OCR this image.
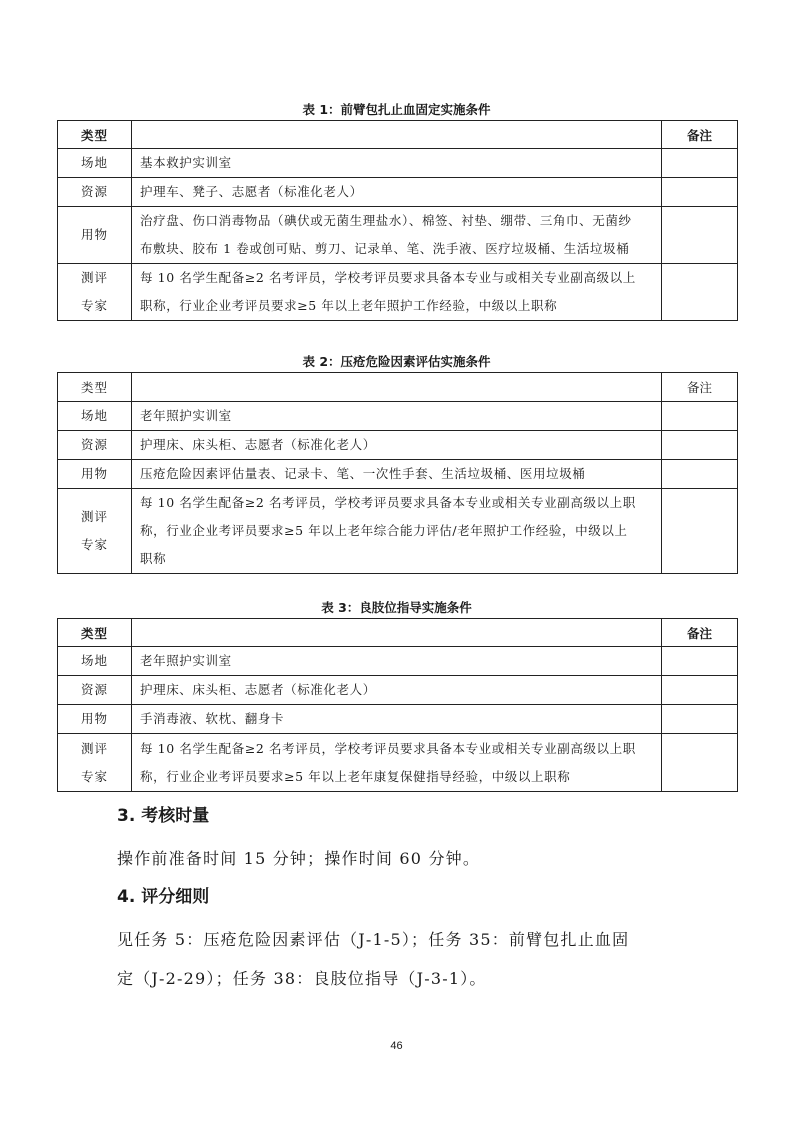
表 1：前臂包扎止血固定实施条件
类型		备注

场地	基本救护实训室	

资源	护理车、凳子、志愿者（标准化老人）	

用物	治疗盘、伤口消毒物品（碘伏或无菌生理盐水）、棉签、衬垫、绷带、三角巾、无菌纱
布敷块、胶布 1 卷或创可贴、剪刀、记录单、笔、洗手液、医疗垃圾桶、生活垃圾桶	

测评
专家	每 10 名学生配备≥2 名考评员，学校考评员要求具备本专业与或相关专业副高级以上
职称，行业企业考评员要求≥5 年以上老年照护工作经验，中级以上职称	

表 2：压疮危险因素评估实施条件
类型		备注

场地	老年照护实训室	

资源	护理床、床头柜、志愿者（标准化老人）	

用物	压疮危险因素评估量表、记录卡、笔、一次性手套、生活垃圾桶、医用垃圾桶	

测评
专家	每 10 名学生配备≥2 名考评员，学校考评员要求具备本专业或相关专业副高级以上职
称，行业企业考评员要求≥5 年以上老年综合能力评估/老年照护工作经验，中级以上
职称	

表 3：良肢位指导实施条件
类型		备注

场地	老年照护实训室	

资源	护理床、床头柜、志愿者（标准化老人）	

用物	手消毒液、软枕、翻身卡	

测评
专家	每 10 名学生配备≥2 名考评员，学校考评员要求具备本专业或相关专业副高级以上职
称，行业企业考评员要求≥5 年以上老年康复保健指导经验，中级以上职称	

3. 考核时量
操作前准备时间 15 分钟；操作时间 60 分钟。
4. 评分细则
见任务 5：压疮危险因素评估（J-1-5）；任务 35：前臂包扎止血固
定（J-2-29）；任务 38：良肢位指导（J-3-1）。
46
